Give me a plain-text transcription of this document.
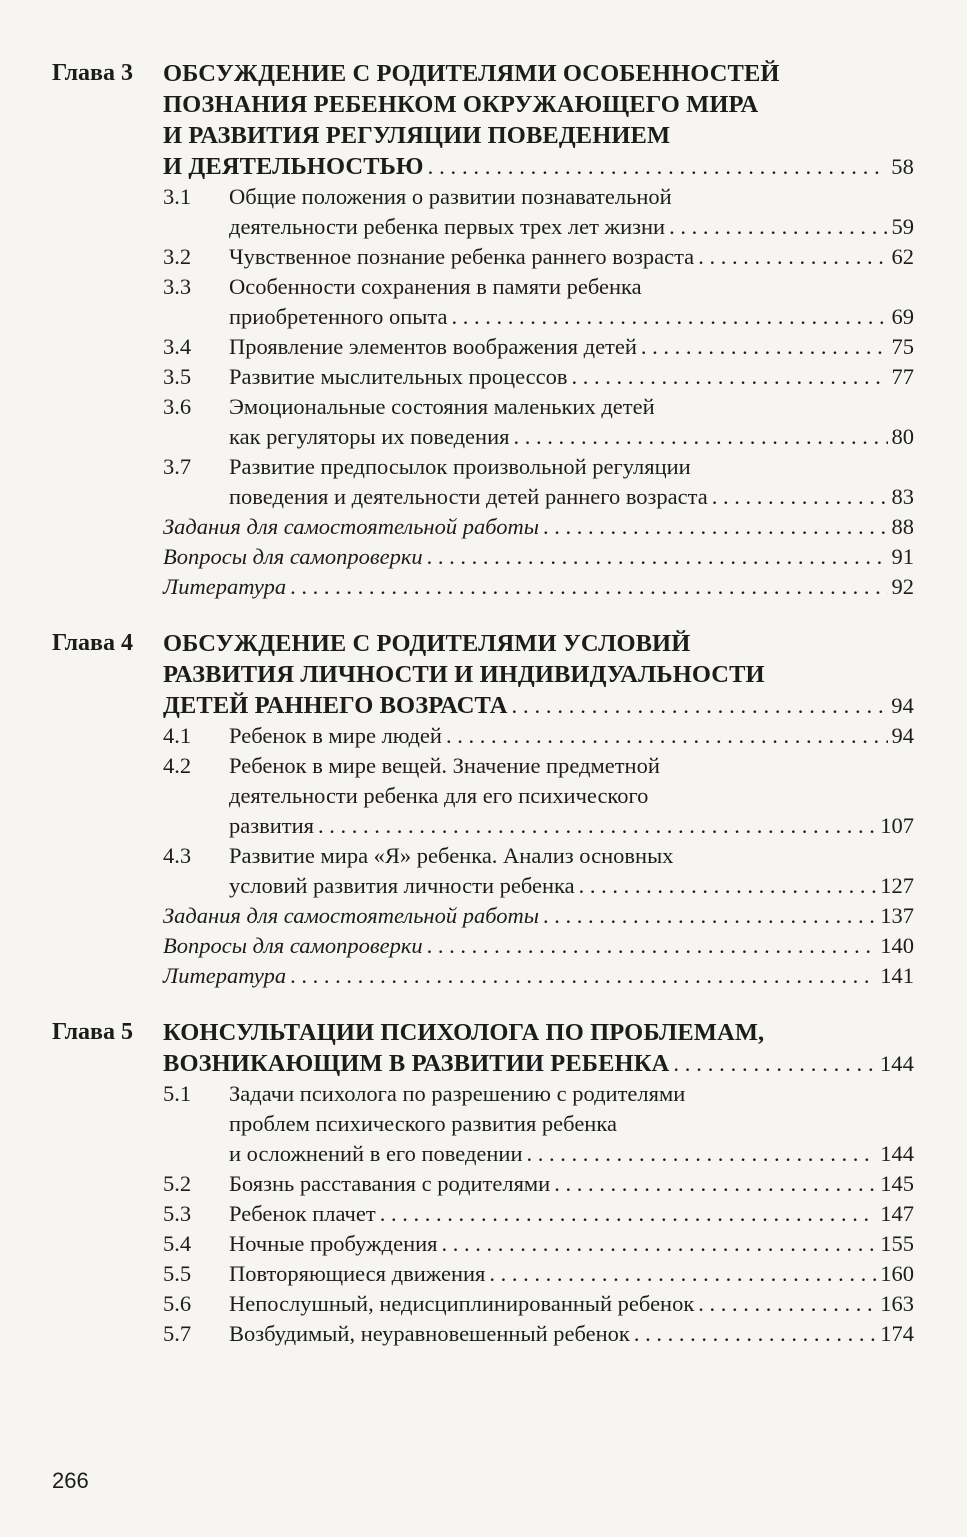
Глава 3	ОБСУЖДЕНИЕ С РОДИТЕЛЯМИ ОСОБЕННОСТЕЙ
ПОЗНАНИЯ РЕБЕНКОМ ОКРУЖАЮЩЕГО МИРА
И РАЗВИТИЯ РЕГУЛЯЦИИ ПОВЕДЕНИЕМ
И ДЕЯТЕЛЬНОСТЬЮ . . .	58
3.1	Общие положения о развитии познавательной
деятельности ребенка первых трех лет жизни . . .	59
3.2	Чувственное познание ребенка раннего возраста . . .	62
3.3	Особенности сохранения в памяти ребенка
приобретенного опыта . . .	69
3.4	Проявление элементов воображения детей . . .	75
3.5	Развитие мыслительных процессов . . .	77
3.6	Эмоциональные состояния маленьких детей
как регуляторы их поведения . . .	80
3.7	Развитие предпосылок произвольной регуляции
поведения и деятельности детей раннего возраста . . .	83
Задания для самостоятельной работы . . .	88
Вопросы для самопроверки . . .	91
Литература . . .	92
Глава 4	ОБСУЖДЕНИЕ С РОДИТЕЛЯМИ УСЛОВИЙ
РАЗВИТИЯ ЛИЧНОСТИ И ИНДИВИДУАЛЬНОСТИ
ДЕТЕЙ РАННЕГО ВОЗРАСТА . . .	94
4.1	Ребенок в мире людей . . .	94
4.2	Ребенок в мире вещей. Значение предметной
деятельности ребенка для его психического
развития . . .	107
4.3	Развитие мира «Я» ребенка. Анализ основных
условий развития личности ребенка . . .	127
Задания для самостоятельной работы . . .	137
Вопросы для самопроверки . . .	140
Литература . . .	141
Глава 5	КОНСУЛЬТАЦИИ ПСИХОЛОГА ПО ПРОБЛЕМАМ,
ВОЗНИКАЮЩИМ В РАЗВИТИИ РЕБЕНКА . . .	144
5.1	Задачи психолога по разрешению с родителями
проблем психического развития ребенка
и осложнений в его поведении . . .	144
5.2	Боязнь расставания с родителями . . .	145
5.3	Ребенок плачет . . .	147
5.4	Ночные пробуждения . . .	155
5.5	Повторяющиеся движения . . .	160
5.6	Непослушный, недисциплинированный ребенок . . .	163
5.7	Возбудимый, неуравновешенный ребенок . . .	174
266
